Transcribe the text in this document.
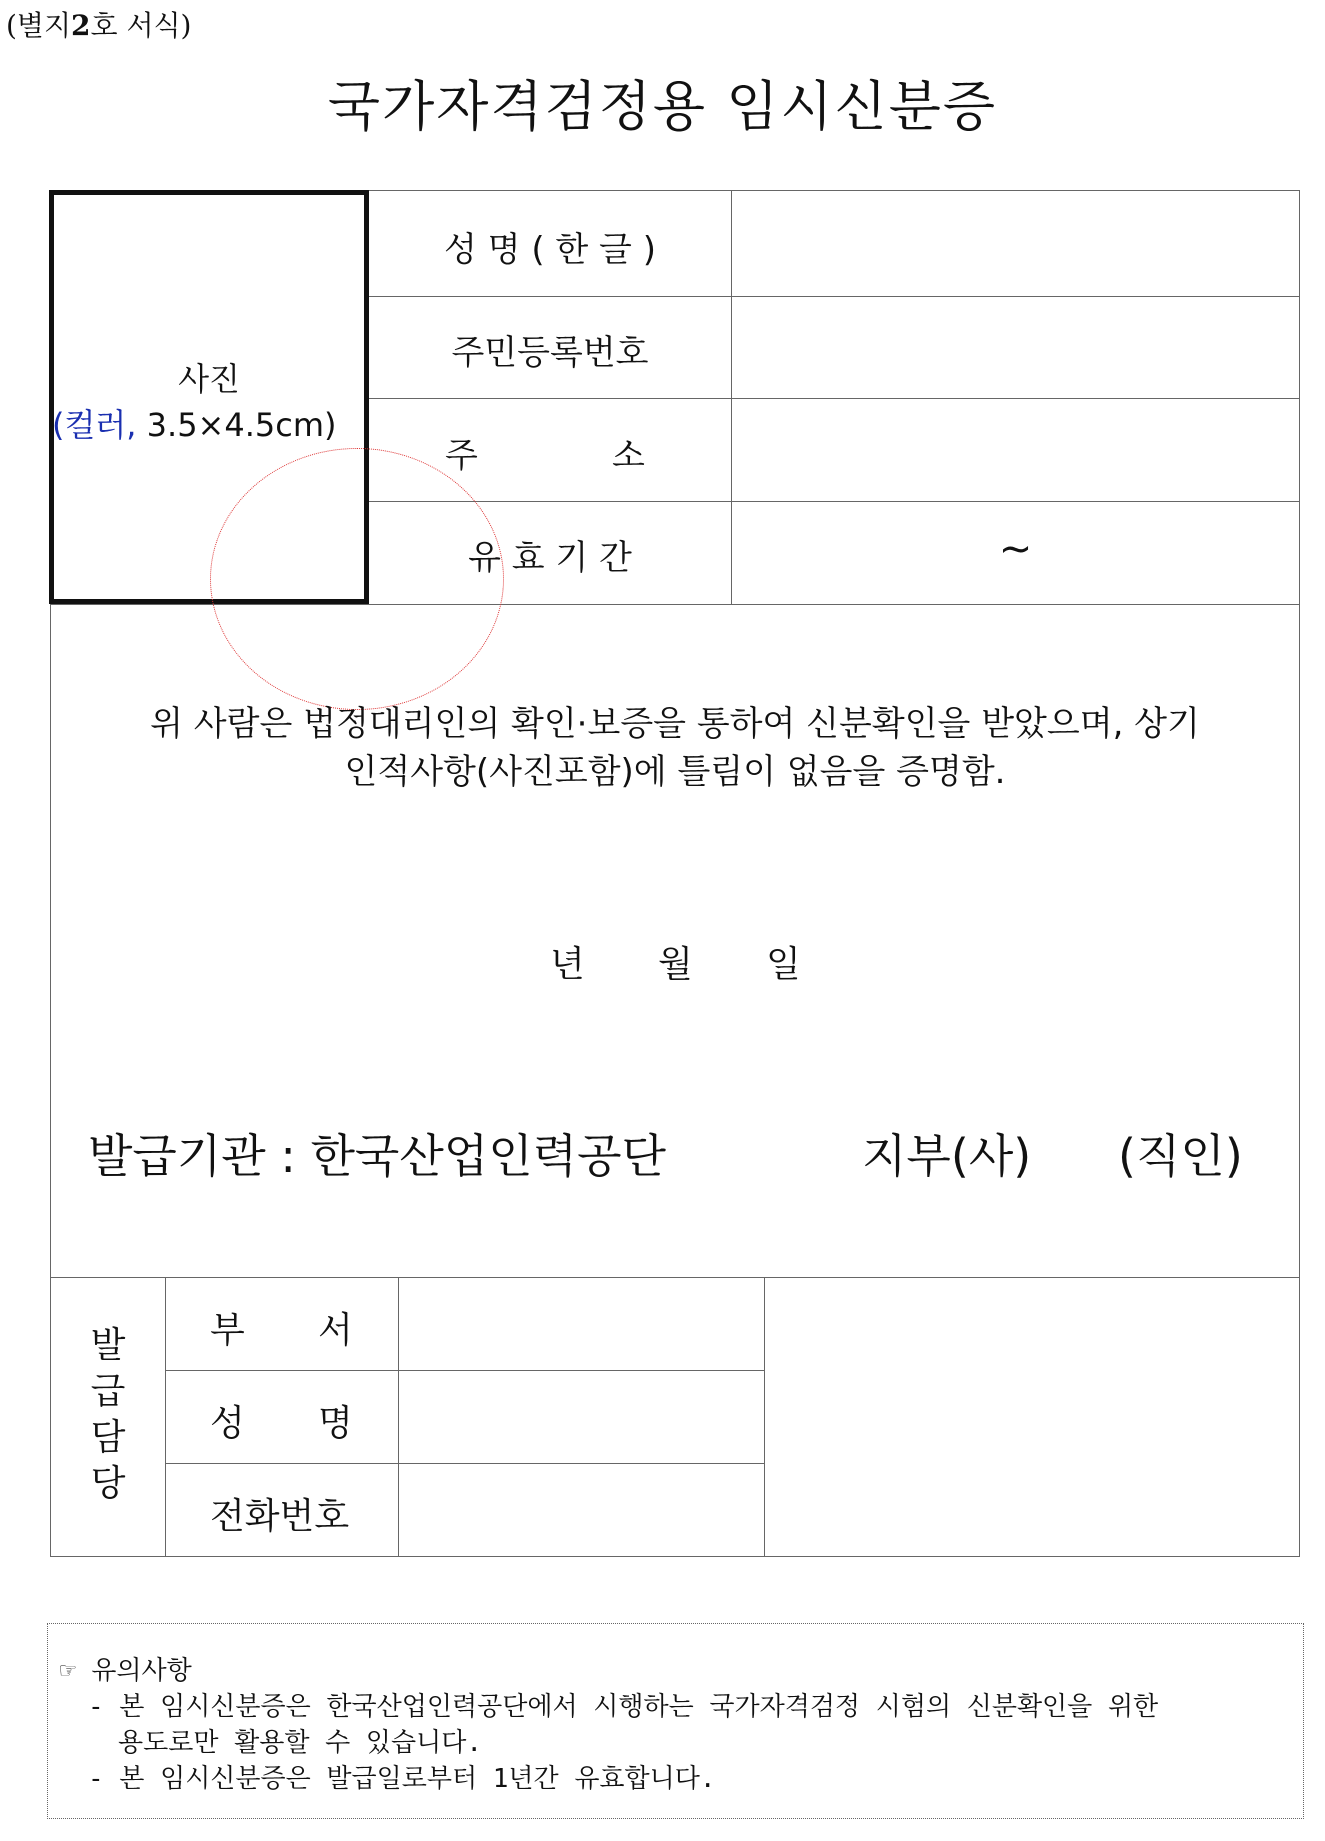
(별지2호 서식)
국가자격검정용 임시신분증
사진
(컬러, 3.5×4.5cm)
성 명 ( 한 글 )
주민등록번호
주	소
유 효 기 간	~
위 사람은 법정대리인의 확인·보증을 통하여 신분확인을 받았으며, 상기
인적사항(사진포함)에 틀림이 없음을 증명함.
년 월 일
발급기관 : 한국산업인력공단	지부(사) (직인)
발
급
담
당
부 서
성 명
전화번호
☞ 유의사항
- 본 임시신분증은 한국산업인력공단에서 시행하는 국가자격검정 시험의 신분확인을 위한
용도로만 활용할 수 있습니다.
- 본 임시신분증은 발급일로부터 1년간 유효합니다.
